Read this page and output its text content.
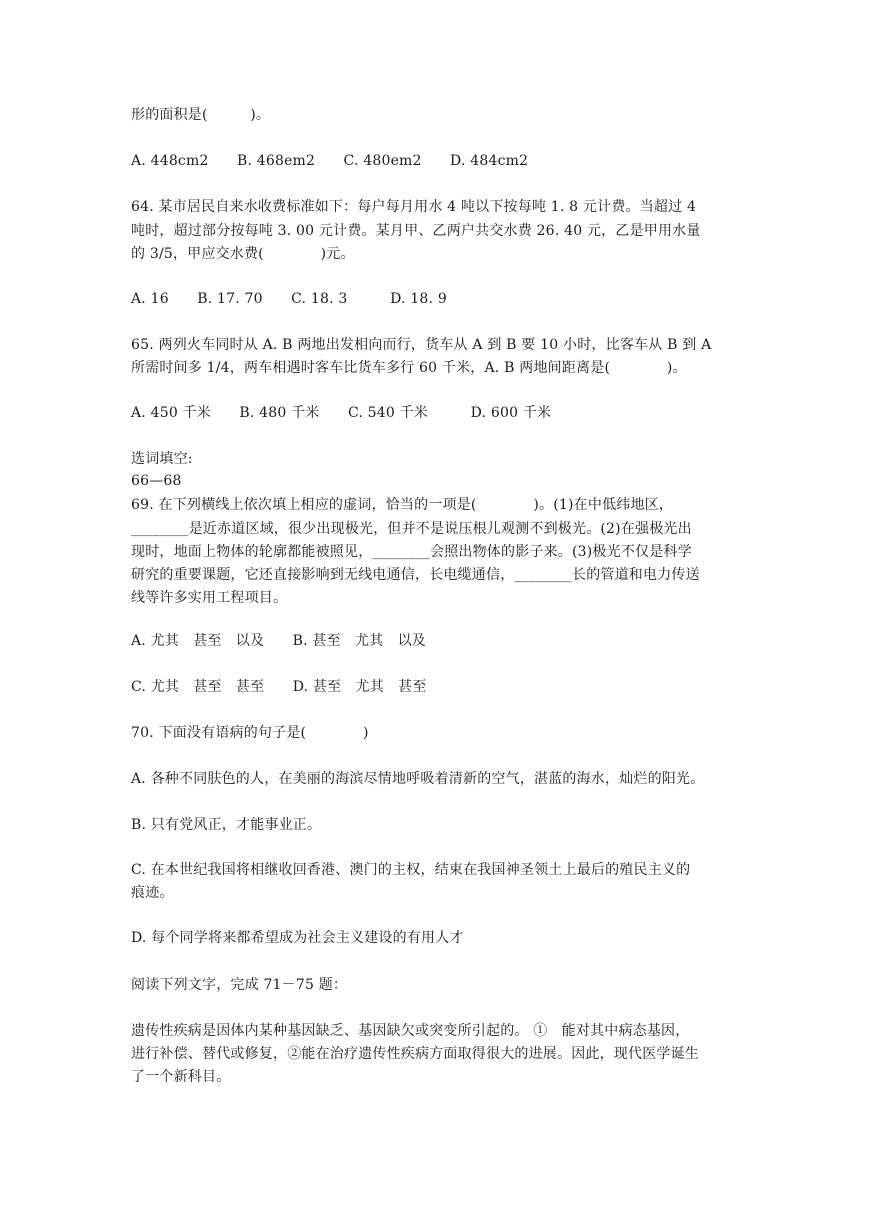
形的面积是(　　　)。
A. 448cm2　　B. 468em2　　C. 480em2　　D. 484cm2
64. 某市居民自来水收费标准如下：每户每月用水 4 吨以下按每吨 1. 8 元计费。当超过 4
吨时，超过部分按每吨 3. 00 元计费。某月甲、乙两户共交水费 26. 40 元，乙是甲用水量
的 3/5，甲应交水费(　　　　)元。
A. 16　　B. 17. 70　　C. 18. 3　　　D. 18. 9
65. 两列火车同时从 A. B 两地出发相向而行，货车从 A 到 B 要 10 小时，比客车从 B 到 A
所需时间多 1/4，两车相遇时客车比货车多行 60 千米，A. B 两地间距离是(　　　　)。
A. 450 千米　　B. 480 千米　　C. 540 千米　　　D. 600 千米
选词填空:
66—68
69. 在下列横线上依次填上相应的虚词，恰当的一项是(　　　　)。(1)在中低纬地区，
________是近赤道区域，很少出现极光，但并不是说压根儿观测不到极光。(2)在强极光出
现时，地面上物体的轮廓都能被照见，________会照出物体的影子来。(3)极光不仅是科学
研究的重要课题，它还直接影响到无线电通信，长电缆通信，________长的管道和电力传送
线等许多实用工程项目。
A. 尤其　甚至　以及　　B. 甚至　尤其　以及
C. 尤其　甚至　甚至　　D. 甚至　尤其　甚至
70. 下面没有语病的句子是(　　　　)
A. 各种不同肤色的人，在美丽的海滨尽情地呼吸着清新的空气，湛蓝的海水，灿烂的阳光。
B. 只有党风正，才能事业正。
C. 在本世纪我国将相继收回香港、澳门的主权，结束在我国神圣领土上最后的殖民主义的
痕迹。
D. 每个同学将来都希望成为社会主义建设的有用人才
阅读下列文字，完成 71－75 题：
遗传性疾病是因体内某种基因缺乏、基因缺欠或突变所引起的。 ①　能对其中病态基因，
进行补偿、替代或修复，②能在治疗遗传性疾病方面取得很大的进展。因此，现代医学诞生
了一个新科目。
